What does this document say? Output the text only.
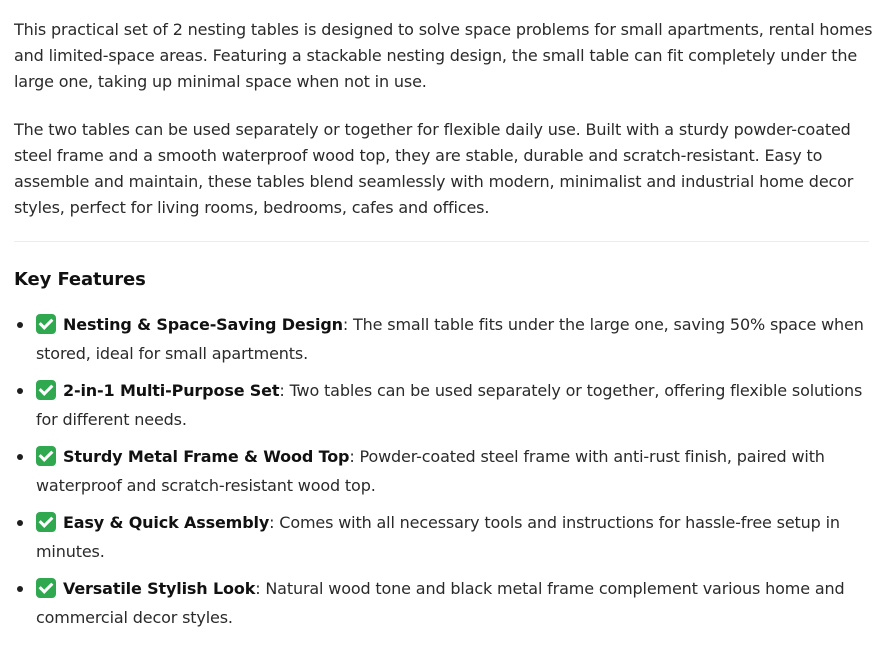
This practical set of 2 nesting tables is designed to solve space problems for small apartments, rental homes and limited-space areas. Featuring a stackable nesting design, the small table can fit completely under the large one, taking up minimal space when not in use.

The two tables can be used separately or together for flexible daily use. Built with a sturdy powder-coated steel frame and a smooth waterproof wood top, they are stable, durable and scratch-resistant. Easy to assemble and maintain, these tables blend seamlessly with modern, minimalist and industrial home decor styles, perfect for living rooms, bedrooms, cafes and offices.

Key Features
Nesting & Space-Saving Design: The small table fits under the large one, saving 50% space when stored, ideal for small apartments.
2-in-1 Multi-Purpose Set: Two tables can be used separately or together, offering flexible solutions for different needs.
Sturdy Metal Frame & Wood Top: Powder-coated steel frame with anti-rust finish, paired with waterproof and scratch-resistant wood top.
Easy & Quick Assembly: Comes with all necessary tools and instructions for hassle-free setup in minutes.
Versatile Stylish Look: Natural wood tone and black metal frame complement various home and commercial decor styles.
